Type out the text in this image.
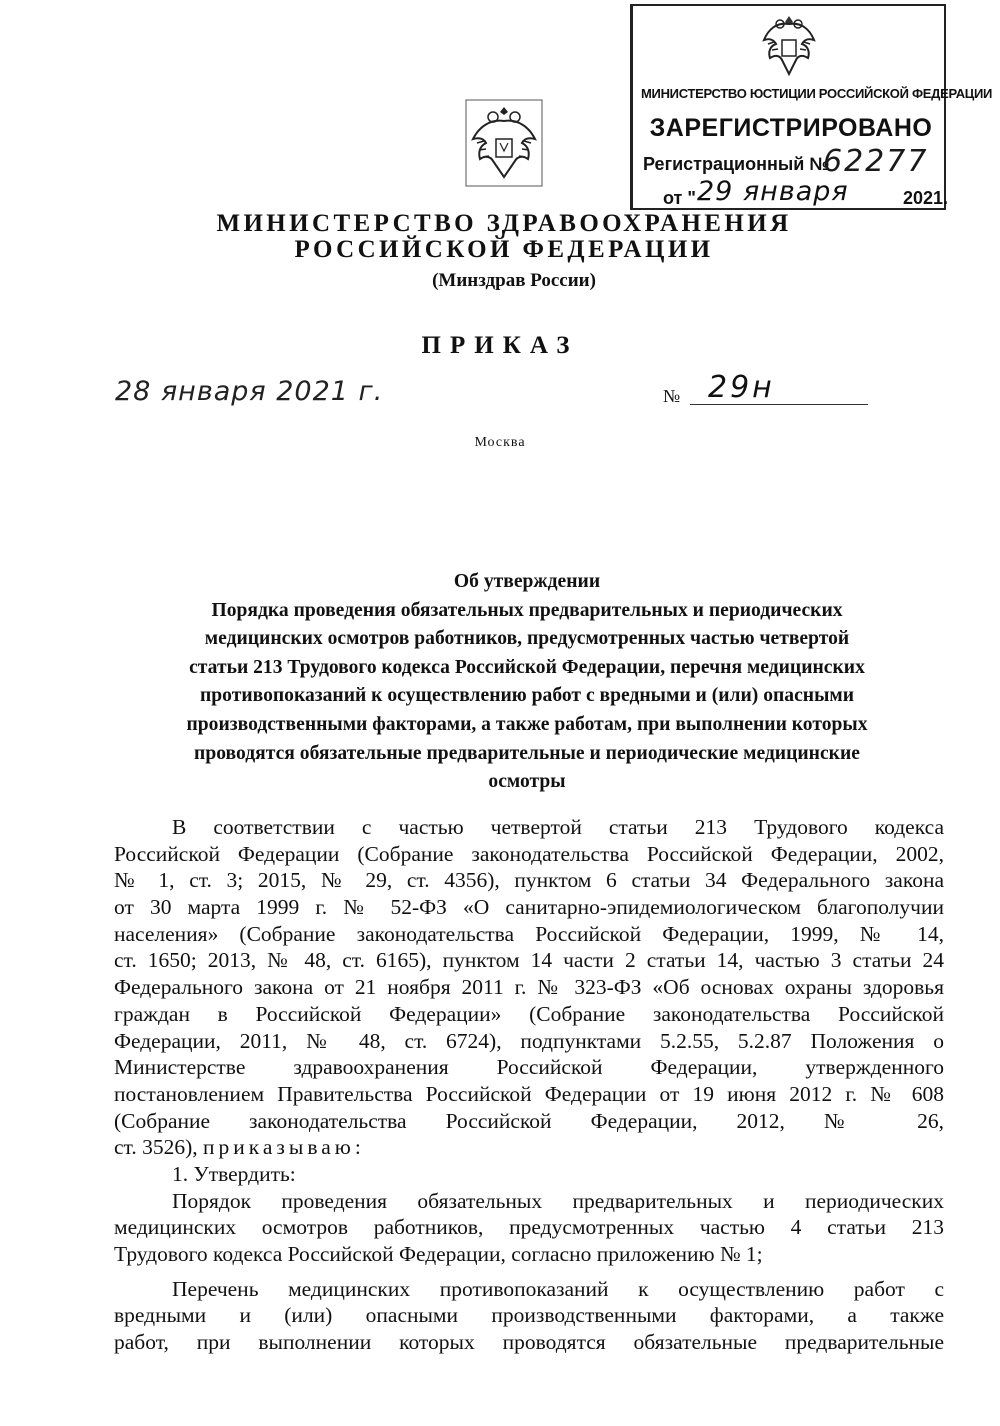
МИНИСТЕРСТВО ЮСТИЦИИ РОССИЙСКОЙ ФЕДЕРАЦИИ
ЗАРЕГИСТРИРОВАНО
Регистрационный №
62277
от " 29 января	2021.
МИНИСТЕРСТВО ЗДРАВООХРАНЕНИЯ
РОССИЙСКОЙ ФЕДЕРАЦИИ
(Минздрав России)
ПРИКАЗ
28 января 2021 г.	№ 29н
Москва
Об утверждении
Порядка проведения обязательных предварительных и периодических
медицинских осмотров работников, предусмотренных частью четвертой
статьи 213 Трудового кодекса Российской Федерации, перечня медицинских
противопоказаний к осуществлению работ с вредными и (или) опасными
производственными факторами, а также работам, при выполнении которых
проводятся обязательные предварительные и периодические медицинские
осмотры
В соответствии с частью четвертой статьи 213 Трудового кодекса
Российской Федерации (Собрание законодательства Российской Федерации, 2002,
№ 1, ст. 3; 2015, № 29, ст. 4356), пунктом 6 статьи 34 Федерального закона
от 30 марта 1999 г. № 52-ФЗ «О санитарно-эпидемиологическом благополучии
населения» (Собрание законодательства Российской Федерации, 1999, № 14,
ст. 1650; 2013, № 48, ст. 6165), пунктом 14 части 2 статьи 14, частью 3 статьи 24
Федерального закона от 21 ноября 2011 г. № 323-ФЗ «Об основах охраны здоровья
граждан в Российской Федерации» (Собрание законодательства Российской
Федерации, 2011, № 48, ст. 6724), подпунктами 5.2.55, 5.2.87 Положения о
Министерстве здравоохранения Российской Федерации, утвержденного
постановлением Правительства Российской Федерации от 19 июня 2012 г. № 608
(Собрание законодательства Российской Федерации, 2012, № 26,
ст. 3526), приказываю:
1. Утвердить:
Порядок проведения обязательных предварительных и периодических
медицинских осмотров работников, предусмотренных частью 4 статьи 213
Трудового кодекса Российской Федерации, согласно приложению № 1;
Перечень медицинских противопоказаний к осуществлению работ с
вредными и (или) опасными производственными факторами, а также
работ, при выполнении которых проводятся обязательные предварительные
